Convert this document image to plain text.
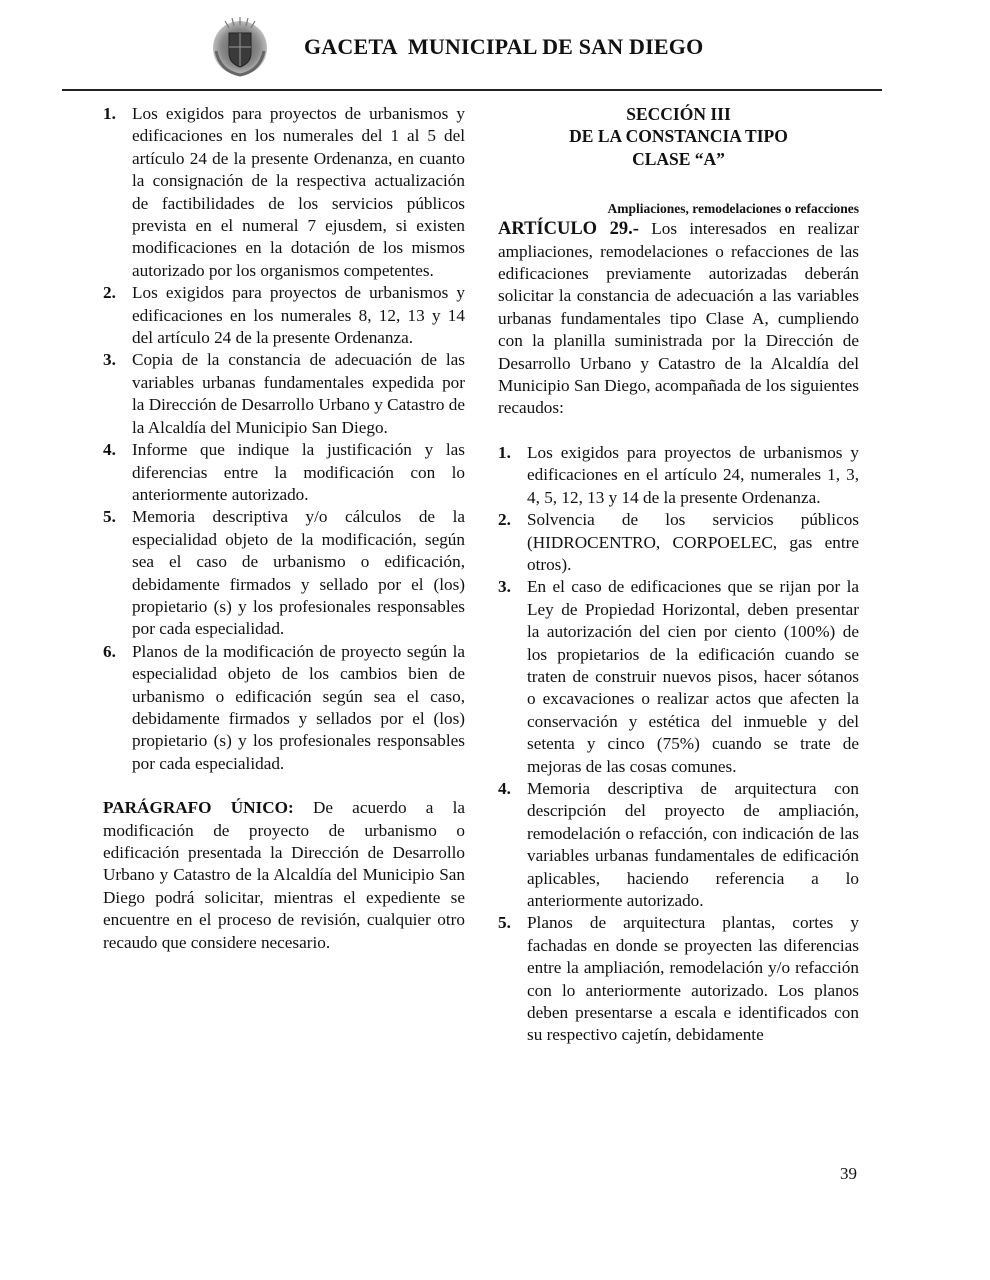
GACETA  MUNICIPAL DE SAN DIEGO
1. Los exigidos para proyectos de urbanismos y edificaciones en los numerales del 1 al 5 del artículo 24 de la presente Ordenanza, en cuanto la consignación de la respectiva actualización de factibilidades de los servicios públicos prevista en el numeral 7 ejusdem, si existen modificaciones en la dotación de los mismos autorizado por los organismos competentes.
2. Los exigidos para proyectos de urbanismos y edificaciones en los numerales 8, 12, 13 y 14 del artículo 24 de la presente Ordenanza.
3. Copia de la constancia de adecuación de las variables urbanas fundamentales expedida por la Dirección de Desarrollo Urbano y Catastro de la Alcaldía del Municipio San Diego.
4. Informe que indique la justificación y las diferencias entre la modificación con lo anteriormente autorizado.
5. Memoria descriptiva y/o cálculos de la especialidad objeto de la modificación, según sea el caso de urbanismo o edificación, debidamente firmados y sellado por el (los) propietario (s) y los profesionales responsables por cada especialidad.
6. Planos de la modificación de proyecto según la especialidad objeto de los cambios bien de urbanismo o edificación según sea el caso, debidamente firmados y sellados por el (los) propietario (s) y los profesionales responsables por cada especialidad.

PARÁGRAFO ÚNICO: De acuerdo a la modificación de proyecto de urbanismo o edificación presentada la Dirección de Desarrollo Urbano y Catastro de la Alcaldía del Municipio San Diego podrá solicitar, mientras el expediente se encuentre en el proceso de revisión, cualquier otro recaudo que considere necesario.

SECCIÓN III
DE LA CONSTANCIA TIPO
CLASE “A”
Ampliaciones, remodelaciones o refacciones

ARTÍCULO 29.- Los interesados en realizar ampliaciones, remodelaciones o refacciones de las edificaciones previamente autorizadas deberán solicitar la constancia de adecuación a las variables urbanas fundamentales tipo Clase A, cumpliendo con la planilla suministrada por la Dirección de Desarrollo Urbano y Catastro de la Alcaldía del Municipio San Diego, acompañada de los siguientes recaudos:

1. Los exigidos para proyectos de urbanismos y edificaciones en el artículo 24, numerales 1, 3, 4, 5, 12, 13 y 14 de la presente Ordenanza.
2. Solvencia de los servicios públicos (HIDROCENTRO, CORPOELEC, gas entre otros).
3. En el caso de edificaciones que se rijan por la Ley de Propiedad Horizontal, deben presentar la autorización del cien por ciento (100%) de los propietarios de la edificación cuando se traten de construir nuevos pisos, hacer sótanos o excavaciones o realizar actos que afecten la conservación y estética del inmueble y del setenta y cinco (75%) cuando se trate de mejoras de las cosas comunes.
4. Memoria descriptiva de arquitectura con descripción del proyecto de ampliación, remodelación o refacción, con indicación de las variables urbanas fundamentales de edificación aplicables, haciendo referencia a lo anteriormente autorizado.
5. Planos de arquitectura plantas, cortes y fachadas en donde se proyecten las diferencias entre la ampliación, remodelación y/o refacción con lo anteriormente autorizado. Los planos deben presentarse a escala e identificados con su respectivo cajetín, debidamente
39
